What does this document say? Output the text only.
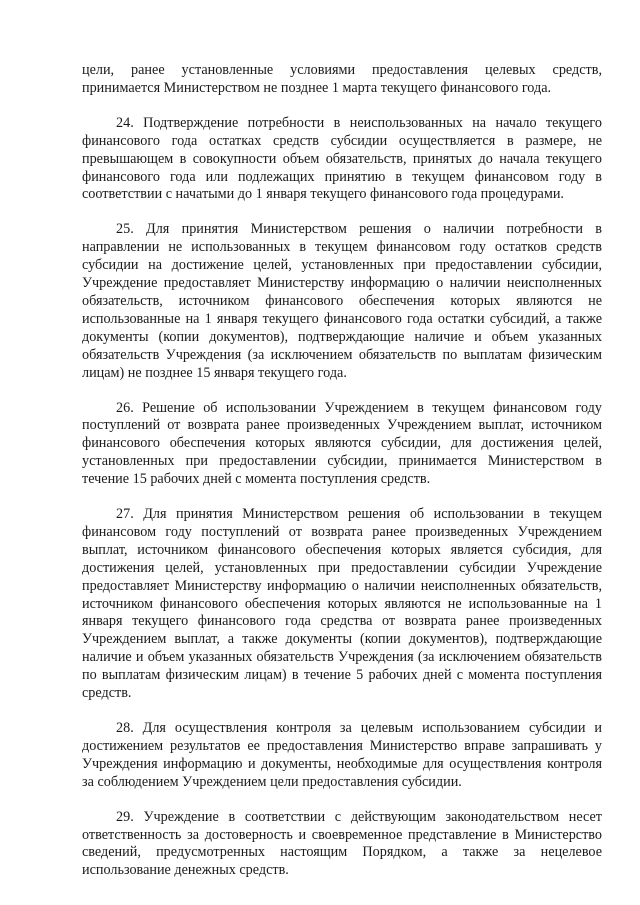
цели, ранее установленные условиями предоставления целевых средств, принимается Министерством не позднее 1 марта текущего финансового года.

24. Подтверждение потребности в неиспользованных на начало текущего финансового года остатках средств субсидии осуществляется в размере, не превышающем в совокупности объем обязательств, принятых до начала текущего финансового года или подлежащих принятию в текущем финансовом году в соответствии с начатыми до 1 января текущего финансового года процедурами.

25. Для принятия Министерством решения о наличии потребности в направлении не использованных в текущем финансовом году остатков средств субсидии на достижение целей, установленных при предоставлении субсидии, Учреждение предоставляет Министерству информацию о наличии неисполненных обязательств, источником финансового обеспечения которых являются не использованные на 1 января текущего финансового года остатки субсидий, а также документы (копии документов), подтверждающие наличие и объем указанных обязательств Учреждения (за исключением обязательств по выплатам физическим лицам) не позднее 15 января текущего года.

26. Решение об использовании Учреждением в текущем финансовом году поступлений от возврата ранее произведенных Учреждением выплат, источником финансового обеспечения которых являются субсидии, для достижения целей, установленных при предоставлении субсидии, принимается Министерством в течение 15 рабочих дней с момента поступления средств.

27. Для принятия Министерством решения об использовании в текущем финансовом году поступлений от возврата ранее произведенных Учреждением выплат, источником финансового обеспечения которых является субсидия, для достижения целей, установленных при предоставлении субсидии Учреждение предоставляет Министерству информацию о наличии неисполненных обязательств, источником финансового обеспечения которых являются не использованные на 1 января текущего финансового года средства от возврата ранее произведенных Учреждением выплат, а также документы (копии документов), подтверждающие наличие и объем указанных обязательств Учреждения (за исключением обязательств по выплатам физическим лицам) в течение 5 рабочих дней с момента поступления средств.

28. Для осуществления контроля за целевым использованием субсидии и достижением результатов ее предоставления Министерство вправе запрашивать у Учреждения информацию и документы, необходимые для осуществления контроля за соблюдением Учреждением цели предоставления субсидии.

29. Учреждение в соответствии с действующим законодательством несет ответственность за достоверность и своевременное представление в Министерство сведений, предусмотренных настоящим Порядком, а также за нецелевое использование денежных средств.
